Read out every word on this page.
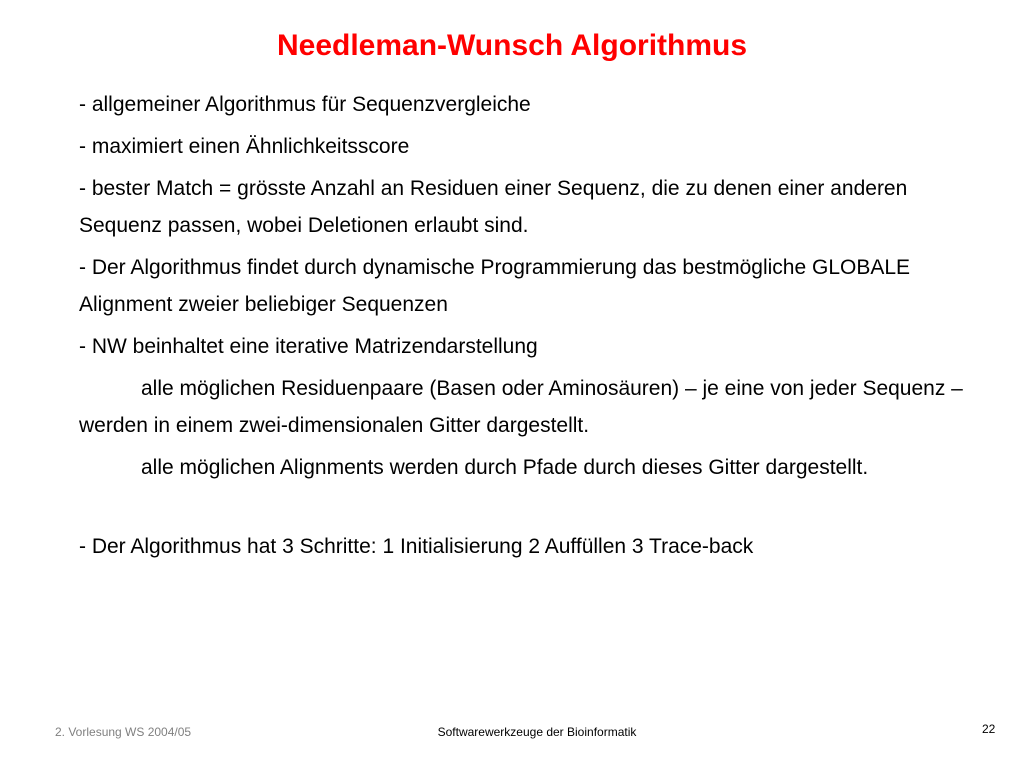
Needleman-Wunsch Algorithmus
- allgemeiner Algorithmus für Sequenzvergleiche
- maximiert einen Ähnlichkeitsscore
- bester Match = grösste Anzahl an Residuen einer Sequenz, die zu denen einer anderen Sequenz passen, wobei Deletionen erlaubt sind.
- Der Algorithmus findet durch dynamische Programmierung das bestmögliche GLOBALE Alignment zweier beliebiger Sequenzen
- NW beinhaltet eine iterative Matrizendarstellung
alle möglichen Residuenpaare (Basen oder Aminosäuren) – je eine von jeder Sequenz – werden in einem zwei-dimensionalen Gitter dargestellt.
alle möglichen Alignments werden durch Pfade durch dieses Gitter dargestellt.
- Der Algorithmus hat 3 Schritte: 1 Initialisierung 2 Auffüllen 3 Trace-back
2. Vorlesung WS 2004/05	Softwarewerkzeuge der Bioinformatik	22
